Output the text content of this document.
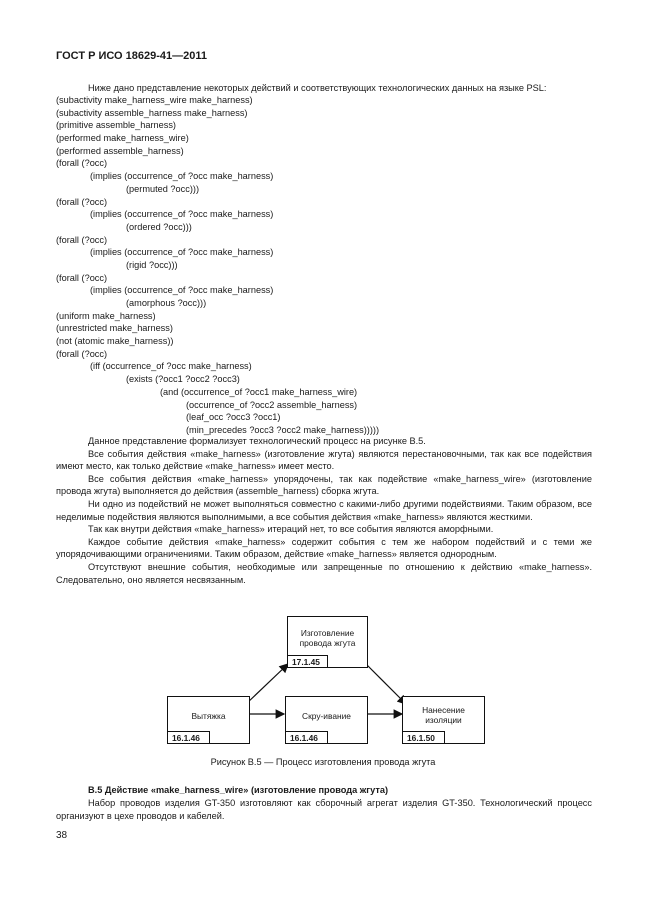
ГОСТ Р ИСО 18629-41—2011
Ниже дано представление некоторых действий и соответствующих технологических данных на языке PSL:
(subactivity make_harness_wire make_harness)
(subactivity assemble_harness make_harness)
(primitive assemble_harness)
(performed make_harness_wire)
(performed assemble_harness)
(forall (?occ)
(implies (occurrence_of ?occ make_harness)
(permuted ?occ)))
(forall (?occ)
(implies (occurrence_of ?occ make_harness)
(ordered ?occ)))
(forall (?occ)
(implies (occurrence_of ?occ make_harness)
(rigid ?occ)))
(forall (?occ)
(implies (occurrence_of ?occ make_harness)
(amorphous ?occ)))
(uniform make_harness)
(unrestricted make_harness)
(not (atomic make_harness))
(forall (?occ)
(iff (occurrence_of ?occ make_harness)
(exists (?occ1 ?occ2 ?occ3)
(and (occurrence_of ?occ1 make_harness_wire)
(occurrence_of ?occ2 assemble_harness)
(leaf_occ ?occ3 ?occ1)
(min_precedes ?occ3 ?occ2 make_harness)))))

Данное представление формализует технологический процесс на рисунке В.5.

Все события действия «make_harness» (изготовление жгута) являются перестановочными, так как все подействия имеют место, как только действие «make_harness» имеет место.

Все события действия «make_harness» упорядочены, так как подействие «make_harness_wire» (изготовление провода жгута) выполняется до действия (assemble_harness) сборка жгута.

Ни одно из подействий не может выполняться совместно с какими-либо другими подействиями. Таким образом, все неделимые подействия являются выполнимыми, а все события действия «make_harness» являются жесткими.

Так как внутри действия «make_harness» итераций нет, то все события являются аморфными.

Каждое событие действия «make_harness» содержит события с тем же набором подействий и с теми же упорядочивающими ограничениями. Таким образом, действие «make_harness» является однородным.

Отсутствуют внешние события, необходимые или запрещенные по отношению к действию «make_harness». Следовательно, оно является несвязанным.

Изготовление провода жгута
17.1.45
Вытяжка
16.1.46
Скру-ивание
16.1.46
Нанесение изоляции
16.1.50
Рисунок В.5 — Процесс изготовления провода жгута
В.5 Действие «make_harness_wire» (изготовление провода жгута)
Набор проводов изделия GT-350 изготовляют как сборочный агрегат изделия GT-350. Технологический процесс организуют в цехе проводов и кабелей.
38
